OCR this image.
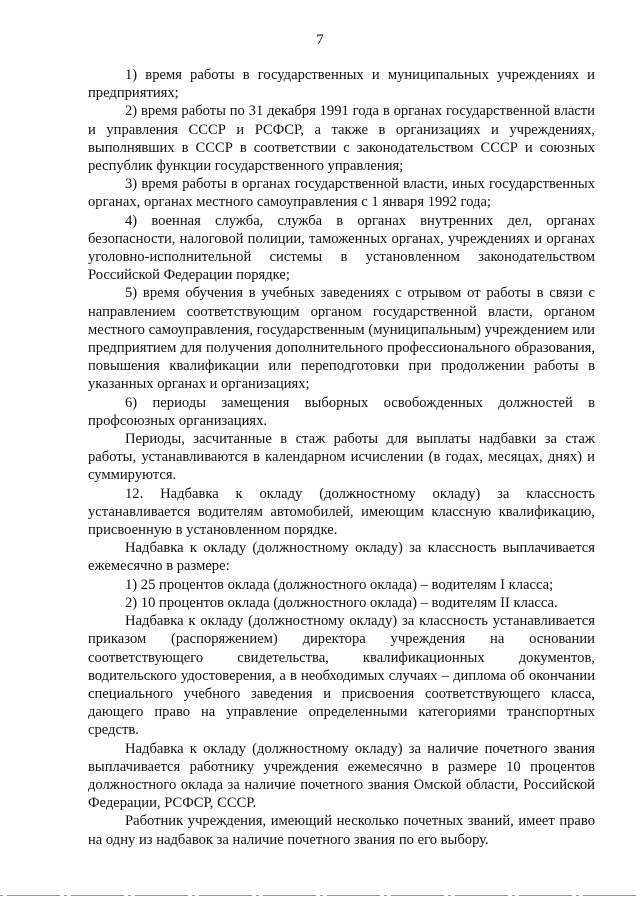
7

1) время работы в государственных и муниципальных учреждениях и предприятиях;

2) время работы по 31 декабря 1991 года в органах государственной власти и управления СССР и РСФСР, а также в организациях и учреждениях, выполнявших в СССР в соответствии с законодательством СССР и союзных республик функции государственного управления;

3) время работы в органах государственной власти, иных государственных органах, органах местного самоуправления с 1 января 1992 года;

4) военная служба, служба в органах внутренних дел, органах безопасности, налоговой полиции, таможенных органах, учреждениях и органах уголовно-исполнительной системы в установленном законодательством Российской Федерации порядке;

5) время обучения в учебных заведениях с отрывом от работы в связи с направлением соответствующим органом государственной власти, органом местного самоуправления, государственным (муниципальным) учреждением или предприятием для получения дополнительного профессионального образования, повышения квалификации или переподготовки при продолжении работы в указанных органах и организациях;

6) периоды замещения выборных освобожденных должностей в профсоюзных организациях.

Периоды, засчитанные в стаж работы для выплаты надбавки за стаж работы, устанавливаются в календарном исчислении (в годах, месяцах, днях) и суммируются.

12. Надбавка к окладу (должностному окладу) за классность устанавливается водителям автомобилей, имеющим классную квалификацию, присвоенную в установленном порядке.

Надбавка к окладу (должностному окладу) за классность выплачивается ежемесячно в размере:

1) 25 процентов оклада (должностного оклада) – водителям I класса;

2) 10 процентов оклада (должностного оклада) – водителям II класса.

Надбавка к окладу (должностному окладу) за классность устанавливается приказом (распоряжением) директора учреждения на основании соответствующего свидетельства, квалификационных документов, водительского удостоверения, а в необходимых случаях – диплома об окончании специального учебного заведения и присвоения соответствующего класса, дающего право на управление определенными категориями транспортных средств.

Надбавка к окладу (должностному окладу) за наличие почетного звания выплачивается работнику учреждения ежемесячно в размере 10 процентов должностного оклада за наличие почетного звания Омской области, Российской Федерации, РСФСР, СССР.

Работник учреждения, имеющий несколько почетных званий, имеет право на одну из надбавок за наличие почетного звания по его выбору.
